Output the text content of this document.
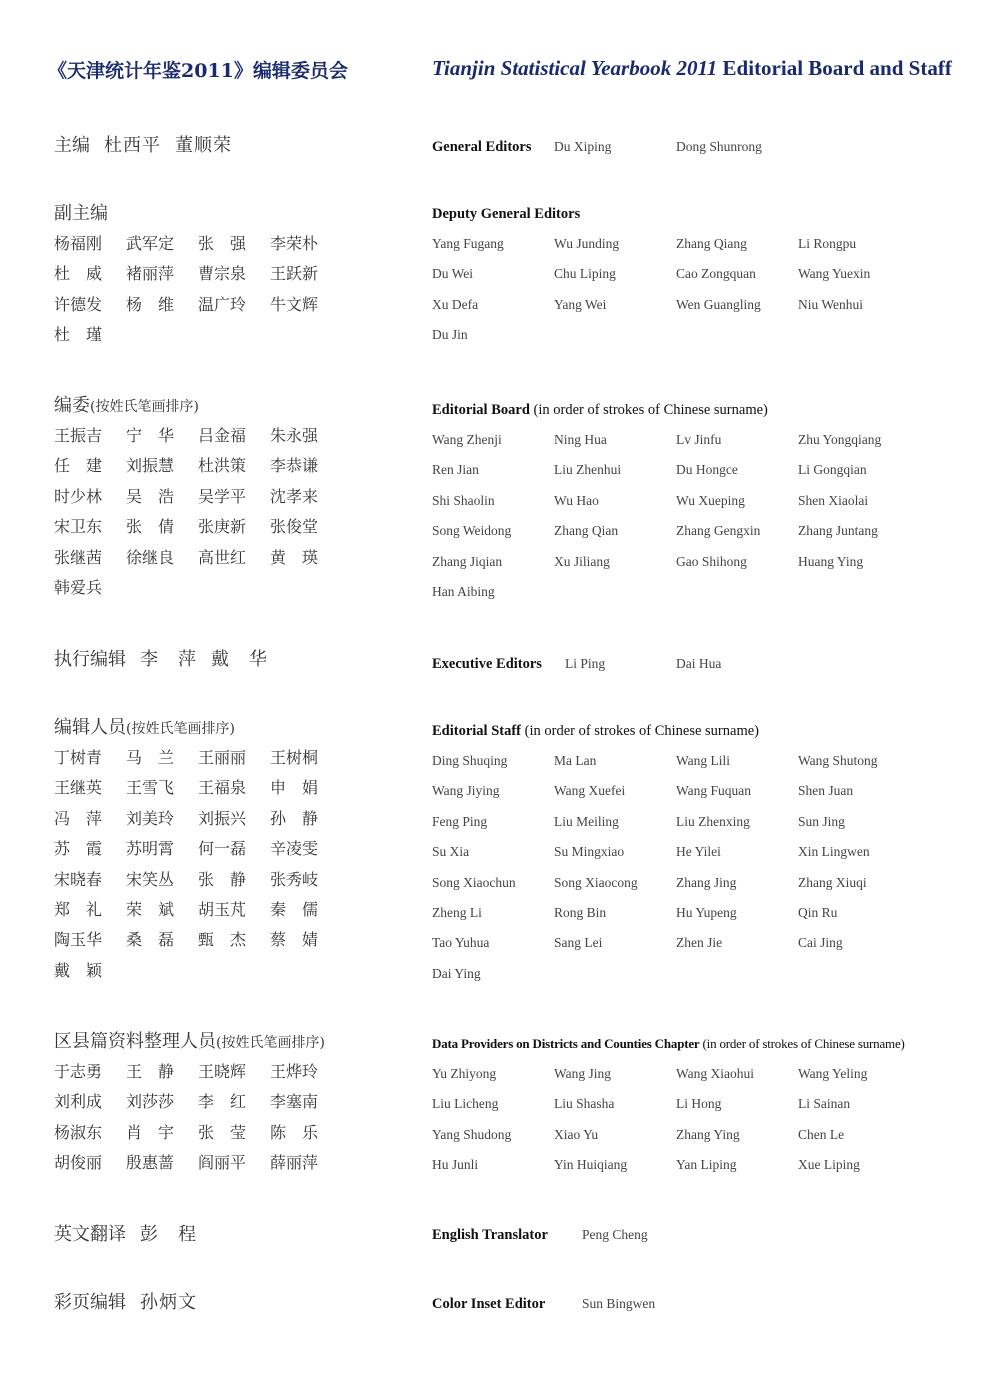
《天津统计年鉴2011》编辑委员会	Tianjin Statistical Yearbook 2011 Editorial Board and Staff
主编 杜西平 董顺荣
副主编
杨福刚	武军定	张　强	李荣朴
杜　威	褚丽萍	曹宗泉	王跃新
许德发	杨　维	温广玲	牛文辉
杜　瑾
编委(按姓氏笔画排序)
王振吉	宁　华	吕金福	朱永强
任　建	刘振慧	杜洪策	李恭谦
时少林	吴　浩	吴学平	沈孝来
宋卫东	张　倩	张庚新	张俊堂
张继茜	徐继良	高世红	黄　瑛
韩爱兵
执行编辑 李　萍 戴　华
编辑人员(按姓氏笔画排序)
丁树青	马　兰	王丽丽	王树桐
王继英	王雪飞	王福泉	申　娟
冯　萍	刘美玲	刘振兴	孙　静
苏　霞	苏明霄	何一磊	辛凌雯
宋晓春	宋笑丛	张　静	张秀岐
郑　礼	荣　斌	胡玉芃	秦　儒
陶玉华	桑　磊	甄　杰	蔡　婧
戴　颖
区县篇资料整理人员(按姓氏笔画排序)
于志勇	王　静	王晓辉	王烨玲
刘利成	刘莎莎	李　红	李塞南
杨淑东	肖　宇	张　莹	陈　乐
胡俊丽	殷惠蔷	阎丽平	薛丽萍
英文翻译 彭　程
彩页编辑 孙炳文
General Editors Du Xiping	Dong Shunrong
Deputy General Editors
Yang Fugang	Wu Junding	Zhang Qiang	Li Rongpu
Du Wei	Chu Liping	Cao Zongquan	Wang Yuexin
Xu Defa	Yang Wei	Wen Guangling	Niu Wenhui
Du Jin
Editorial Board (in order of strokes of Chinese surname)
Wang Zhenji	Ning Hua	Lv Jinfu	Zhu Yongqiang
Ren Jian	Liu Zhenhui	Du Hongce	Li Gongqian
Shi Shaolin	Wu Hao	Wu Xueping	Shen Xiaolai
Song Weidong	Zhang Qian	Zhang Gengxin	Zhang Juntang
Zhang Jiqian	Xu Jiliang	Gao Shihong	Huang Ying
Han Aibing
Executive Editors Li Ping	Dai Hua
Editorial Staff (in order of strokes of Chinese surname)
Ding Shuqing	Ma Lan	Wang Lili	Wang Shutong
Wang Jiying	Wang Xuefei	Wang Fuquan	Shen Juan
Feng Ping	Liu Meiling	Liu Zhenxing	Sun Jing
Su Xia	Su Mingxiao	He Yilei	Xin Lingwen
Song Xiaochun	Song Xiaocong	Zhang Jing	Zhang Xiuqi
Zheng Li	Rong Bin	Hu Yupeng	Qin Ru
Tao Yuhua	Sang Lei	Zhen Jie	Cai Jing
Dai Ying
Data Providers on Districts and Counties Chapter (in order of strokes of Chinese surname)
Yu Zhiyong	Wang Jing	Wang Xiaohui	Wang Yeling
Liu Licheng	Liu Shasha	Li Hong	Li Sainan
Yang Shudong	Xiao Yu	Zhang Ying	Chen Le
Hu Junli	Yin Huiqiang	Yan Liping	Xue Liping
English Translator	Peng Cheng
Color Inset Editor	Sun Bingwen
